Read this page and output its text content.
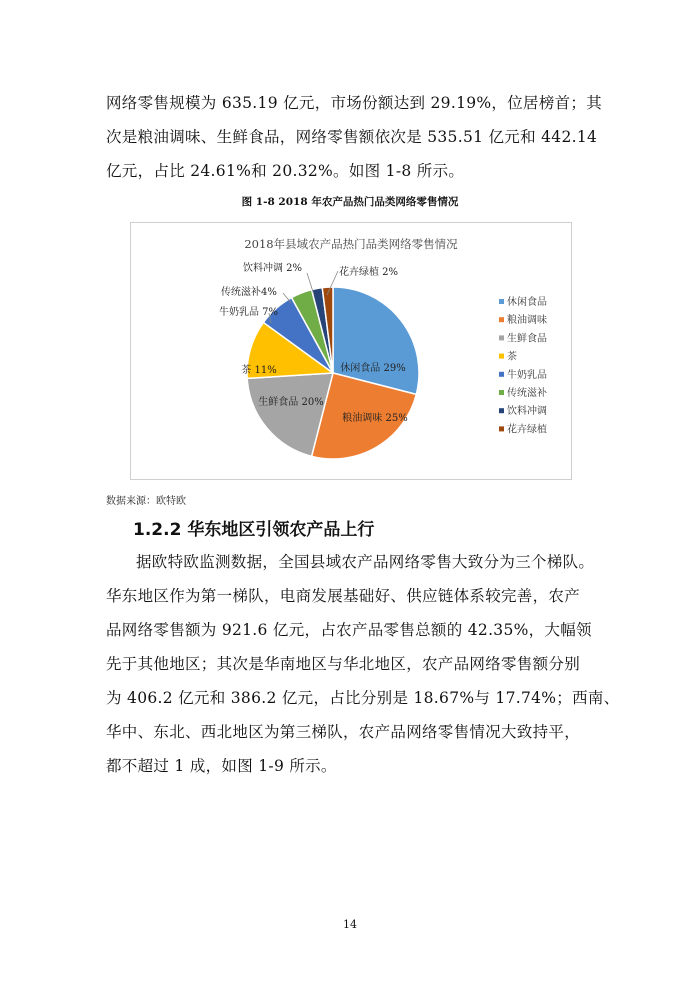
网络零售规模为 635.19 亿元，市场份额达到 29.19%，位居榜首；其

次是粮油调味、生鲜食品，网络零售额依次是 535.51 亿元和 442.14

亿元，占比 24.61%和 20.32%。如图 1-8 所示。

图 1-8 2018 年农产品热门品类网络零售情况
2018年县域农产品热门品类网络零售情况
休闲食品 29%
粮油调味 25%
生鲜食品 20%
茶 11%
牛奶乳品 7%
传统滋补4%
饮料冲调 2%	花卉绿植 2%
休闲食品
粮油调味
生鲜食品
茶
牛奶乳品
传统滋补
饮料冲调
花卉绿植
数据来源：欧特欧
1.2.2 华东地区引领农产品上行

据欧特欧监测数据，全国县域农产品网络零售大致分为三个梯队。

华东地区作为第一梯队，电商发展基础好、供应链体系较完善，农产

品网络零售额为 921.6 亿元，占农产品零售总额的 42.35%，大幅领

先于其他地区；其次是华南地区与华北地区，农产品网络零售额分别

为 406.2 亿元和 386.2 亿元，占比分别是 18.67%与 17.74%；西南、

华中、东北、西北地区为第三梯队，农产品网络零售情况大致持平，

都不超过 1 成，如图 1-9 所示。

14
